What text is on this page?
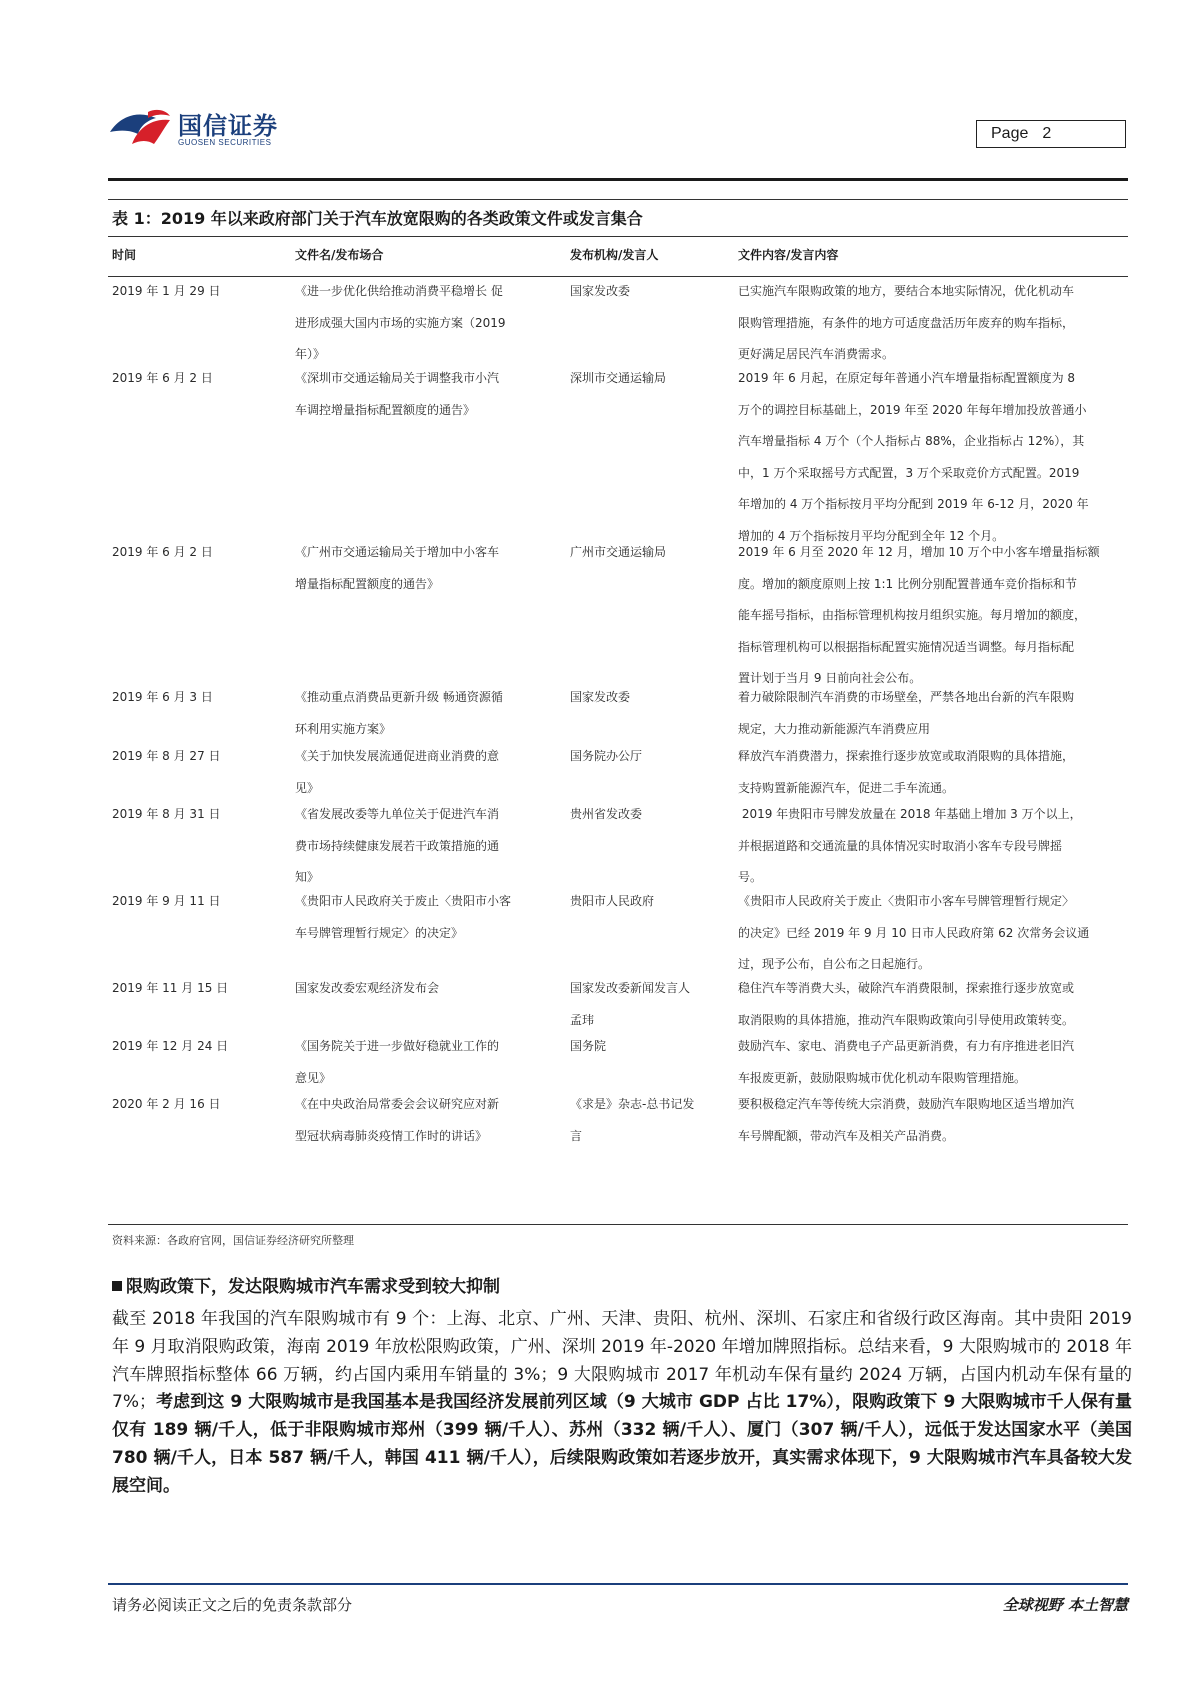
国信证券
GUOSEN SECURITIES
Page 2
表 1：2019 年以来政府部门关于汽车放宽限购的各类政策文件或发言集合
时间	文件名/发布场合	发布机构/发言人	文件内容/发言内容
2019 年 1 月 29 日	《进一步优化供给推动消费平稳增长 促
进形成强大国内市场的实施方案（2019
年）》
国家发改委	已实施汽车限购政策的地方，要结合本地实际情况，优化机动车
限购管理措施，有条件的地方可适度盘活历年废弃的购车指标，
更好满足居民汽车消费需求。
2019 年 6 月 2 日	《深圳市交通运输局关于调整我市小汽
车调控增量指标配置额度的通告》
深圳市交通运输局	2019 年 6 月起，在原定每年普通小汽车增量指标配置额度为 8
万个的调控目标基础上，2019 年至 2020 年每年增加投放普通小
汽车增量指标 4 万个（个人指标占 88%，企业指标占 12%），其
中，1 万个采取摇号方式配置，3 万个采取竞价方式配置。2019
年增加的 4 万个指标按月平均分配到 2019 年 6-12 月，2020 年
增加的 4 万个指标按月平均分配到全年 12 个月。
2019 年 6 月 2 日	《广州市交通运输局关于增加中小客车
增量指标配置额度的通告》
广州市交通运输局	2019 年 6 月至 2020 年 12 月，增加 10 万个中小客车增量指标额
度。增加的额度原则上按 1:1 比例分别配置普通车竞价指标和节
能车摇号指标，由指标管理机构按月组织实施。每月增加的额度，
指标管理机构可以根据指标配置实施情况适当调整。每月指标配
置计划于当月 9 日前向社会公布。
2019 年 6 月 3 日	《推动重点消费品更新升级 畅通资源循
环利用实施方案》
国家发改委	着力破除限制汽车消费的市场壁垒，严禁各地出台新的汽车限购
规定，大力推动新能源汽车消费应用
2019 年 8 月 27 日	《关于加快发展流通促进商业消费的意
见》
国务院办公厅	释放汽车消费潜力，探索推行逐步放宽或取消限购的具体措施，
支持购置新能源汽车，促进二手车流通。
2019 年 8 月 31 日	《省发展改委等九单位关于促进汽车消
费市场持续健康发展若干政策措施的通
知》
贵州省发改委	2019 年贵阳市号牌发放量在 2018 年基础上增加 3 万个以上，
并根据道路和交通流量的具体情况实时取消小客车专段号牌摇
号。
2019 年 9 月 11 日	《贵阳市人民政府关于废止〈贵阳市小客
车号牌管理暂行规定〉的决定》
贵阳市人民政府	《贵阳市人民政府关于废止〈贵阳市小客车号牌管理暂行规定〉
的决定》已经 2019 年 9 月 10 日市人民政府第 62 次常务会议通
过，现予公布，自公布之日起施行。
2019 年 11 月 15 日	国家发改委宏观经济发布会	国家发改委新闻发言人
孟玮
稳住汽车等消费大头，破除汽车消费限制，探索推行逐步放宽或
取消限购的具体措施，推动汽车限购政策向引导使用政策转变。
2019 年 12 月 24 日	《国务院关于进一步做好稳就业工作的
意见》
国务院	鼓励汽车、家电、消费电子产品更新消费，有力有序推进老旧汽
车报废更新，鼓励限购城市优化机动车限购管理措施。
2020 年 2 月 16 日	《在中央政治局常委会会议研究应对新
型冠状病毒肺炎疫情工作时的讲话》
《求是》杂志-总书记发
言
要积极稳定汽车等传统大宗消费，鼓励汽车限购地区适当增加汽
车号牌配额，带动汽车及相关产品消费。
资料来源：各政府官网，国信证券经济研究所整理
限购政策下，发达限购城市汽车需求受到较大抑制
截至 2018 年我国的汽车限购城市有 9 个：上海、北京、广州、天津、贵阳、杭州、深圳、石家庄和省级行政区海南。其中贵阳 2019 年 9 月取消限购政策，海南 2019 年放松限购政策，广州、深圳 2019 年-2020 年增加牌照指标。总结来看，9 大限购城市的 2018 年汽车牌照指标整体 66 万辆，约占国内乘用车销量的 3%；9 大限购城市 2017 年机动车保有量约 2024 万辆，占国内机动车保有量的 7%；考虑到这 9 大限购城市是我国基本是我国经济发展前列区域（9 大城市 GDP 占比 17%），限购政策下 9 大限购城市千人保有量仅有 189 辆/千人，低于非限购城市郑州（399 辆/千人）、苏州（332 辆/千人）、厦门（307 辆/千人），远低于发达国家水平（美国 780 辆/千人，日本 587 辆/千人，韩国 411 辆/千人），后续限购政策如若逐步放开，真实需求体现下，9 大限购城市汽车具备较大发展空间。
请务必阅读正文之后的免责条款部分	全球视野 本土智慧
